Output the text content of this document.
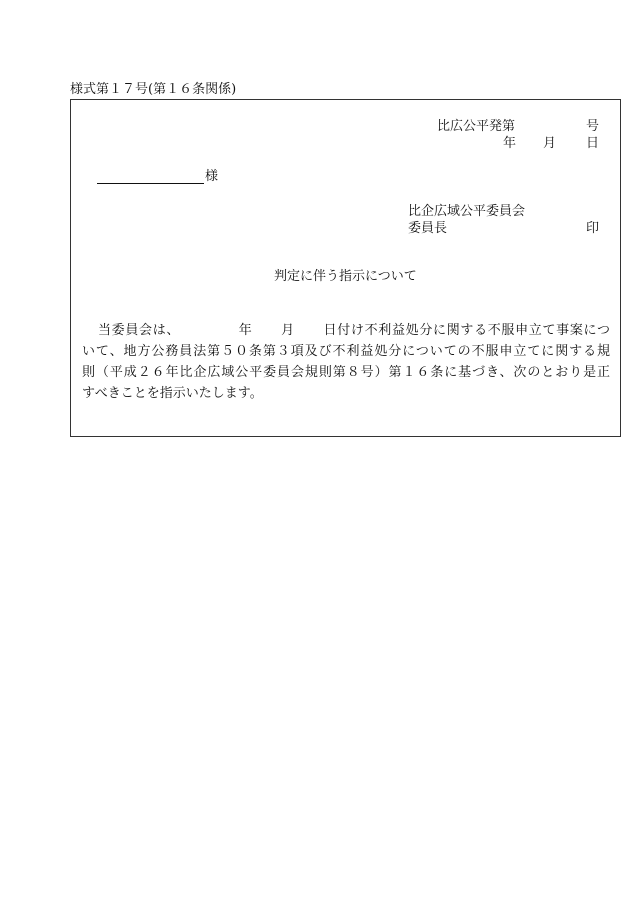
様式第１７号(第１６条関係)
比広公平発第	号
年 月 日
様
比企広域公平委員会
委員長	印
判定に伴う指示について
当委員会は、	年 月 日付け不利益処分に関する不服申立て事案につ
いて、地方公務員法第５０条第３項及び不利益処分についての不服申立てに関する規
則（平成２６年比企広域公平委員会規則第８号）第１６条に基づき、次のとおり是正
すべきことを指示いたします。
